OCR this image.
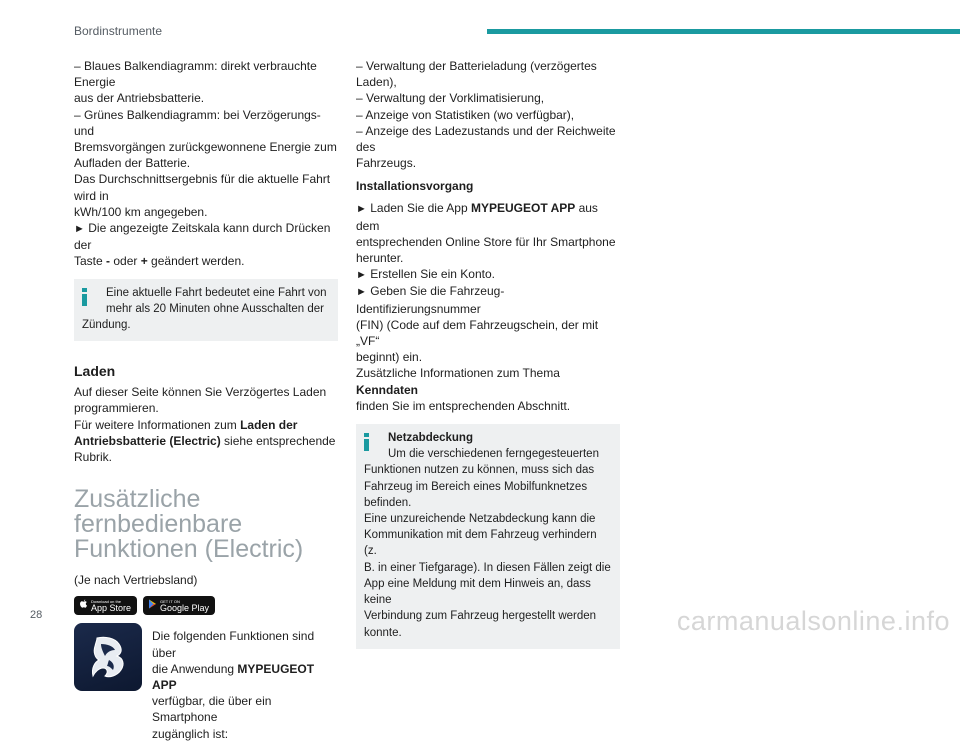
Bordinstrumente

– Blaues Balkendiagramm: direkt verbrauchte Energie
aus der Antriebsbatterie.
– Grünes Balkendiagramm: bei Verzögerungs- und
Bremsvorgängen zurückgewonnene Energie zum
Aufladen der Batterie.
Das Durchschnittsergebnis für die aktuelle Fahrt wird in
kWh/100 km angegeben.
► Die angezeigte Zeitskala kann durch Drücken der
Taste - oder + geändert werden.

Eine aktuelle Fahrt bedeutet eine Fahrt von
mehr als 20 Minuten ohne Ausschalten der
Zündung.

Laden

Auf dieser Seite können Sie Verzögertes Laden
programmieren.
Für weitere Informationen zum Laden der
Antriebsbatterie (Electric) siehe entsprechende
Rubrik.

Zusätzliche fernbedienbare
Funktionen (Electric)

(Je nach Vertriebsland)

Download on the
App Store
GET IT ON
Google Play

Die folgenden Funktionen sind über
die Anwendung MYPEUGEOT APP
verfügbar, die über ein Smartphone
zugänglich ist:

– Verwaltung der Batterieladung (verzögertes Laden),
– Verwaltung der Vorklimatisierung,
– Anzeige von Statistiken (wo verfügbar),
– Anzeige des Ladezustands und der Reichweite des
Fahrzeugs.

Installationsvorgang

► Laden Sie die App MYPEUGEOT APP aus dem
entsprechenden Online Store für Ihr Smartphone
herunter.
► Erstellen Sie ein Konto.
► Geben Sie die Fahrzeug-Identifizierungsnummer
(FIN) (Code auf dem Fahrzeugschein, der mit „VF“
beginnt) ein.
Zusätzliche Informationen zum Thema Kenndaten
finden Sie im entsprechenden Abschnitt.

Netzabdeckung
Um die verschiedenen ferngegesteuerten
Funktionen nutzen zu können, muss sich das
Fahrzeug im Bereich eines Mobilfunknetzes
befinden.
Eine unzureichende Netzabdeckung kann die
Kommunikation mit dem Fahrzeug verhindern (z.
B. in einer Tiefgarage). In diesen Fällen zeigt die
App eine Meldung mit dem Hinweis an, dass keine
Verbindung zum Fahrzeug hergestellt werden
konnte.

28	carmanualsonline.info
